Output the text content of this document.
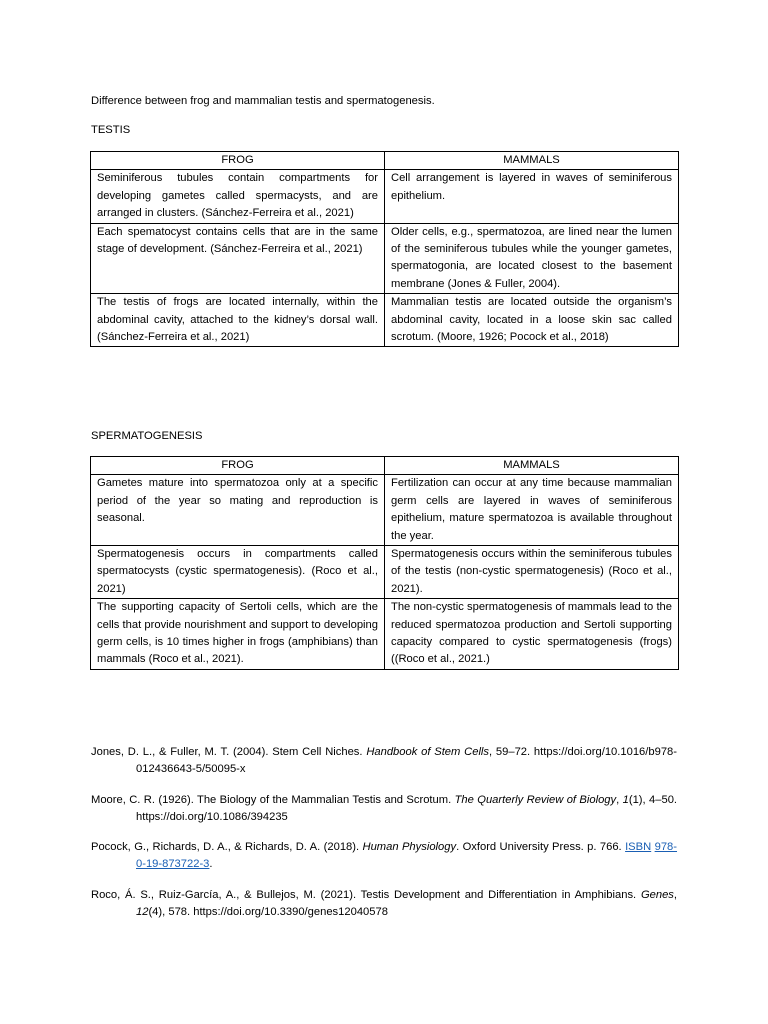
Difference between frog and mammalian testis and spermatogenesis.
TESTIS
FROG	MAMMALS
Seminiferous tubules contain compartments for developing gametes called spermacysts, and are arranged in clusters. (Sánchez-Ferreira et al., 2021)	Cell arrangement is layered in waves of seminiferous epithelium.
Each spematocyst contains cells that are in the same stage of development. (Sánchez-Ferreira et al., 2021)	Older cells, e.g., spermatozoa, are lined near the lumen of the seminiferous tubules while the younger gametes, spermatogonia, are located closest to the basement membrane (Jones & Fuller, 2004).
The testis of frogs are located internally, within the abdominal cavity, attached to the kidney’s dorsal wall. (Sánchez-Ferreira et al., 2021)	Mammalian testis are located outside the organism’s abdominal cavity, located in a loose skin sac called scrotum. (Moore, 1926; Pocock et al., 2018)
SPERMATOGENESIS
FROG	MAMMALS
Gametes mature into spermatozoa only at a specific period of the year so mating and reproduction is seasonal.	Fertilization can occur at any time because mammalian germ cells are layered in waves of seminiferous epithelium, mature spermatozoa is available throughout the year.
Spermatogenesis occurs in compartments called spermatocysts (cystic spermatogenesis). (Roco et al., 2021)	Spermatogenesis occurs within the seminiferous tubules of the testis (non-cystic spermatogenesis) (Roco et al., 2021).
The supporting capacity of Sertoli cells, which are the cells that provide nourishment and support to developing germ cells, is 10 times higher in frogs (amphibians) than mammals (Roco et al., 2021).	The non-cystic spermatogenesis of mammals lead to the reduced spermatozoa production and Sertoli supporting capacity compared to cystic spermatogenesis (frogs) ((Roco et al., 2021.)
Jones, D. L., & Fuller, M. T. (2004). Stem Cell Niches. Handbook of Stem Cells, 59–72. https://doi.org/10.1016/b978-012436643-5/50095-x
Moore, C. R. (1926). The Biology of the Mammalian Testis and Scrotum. The Quarterly Review of Biology, 1(1), 4–50. https://doi.org/10.1086/394235
Pocock, G., Richards, D. A., & Richards, D. A. (2018). Human Physiology. Oxford University Press. p. 766. ISBN 978-0-19-873722-3.
Roco, Á. S., Ruiz-García, A., & Bullejos, M. (2021). Testis Development and Differentiation in Amphibians. Genes, 12(4), 578. https://doi.org/10.3390/genes12040578
